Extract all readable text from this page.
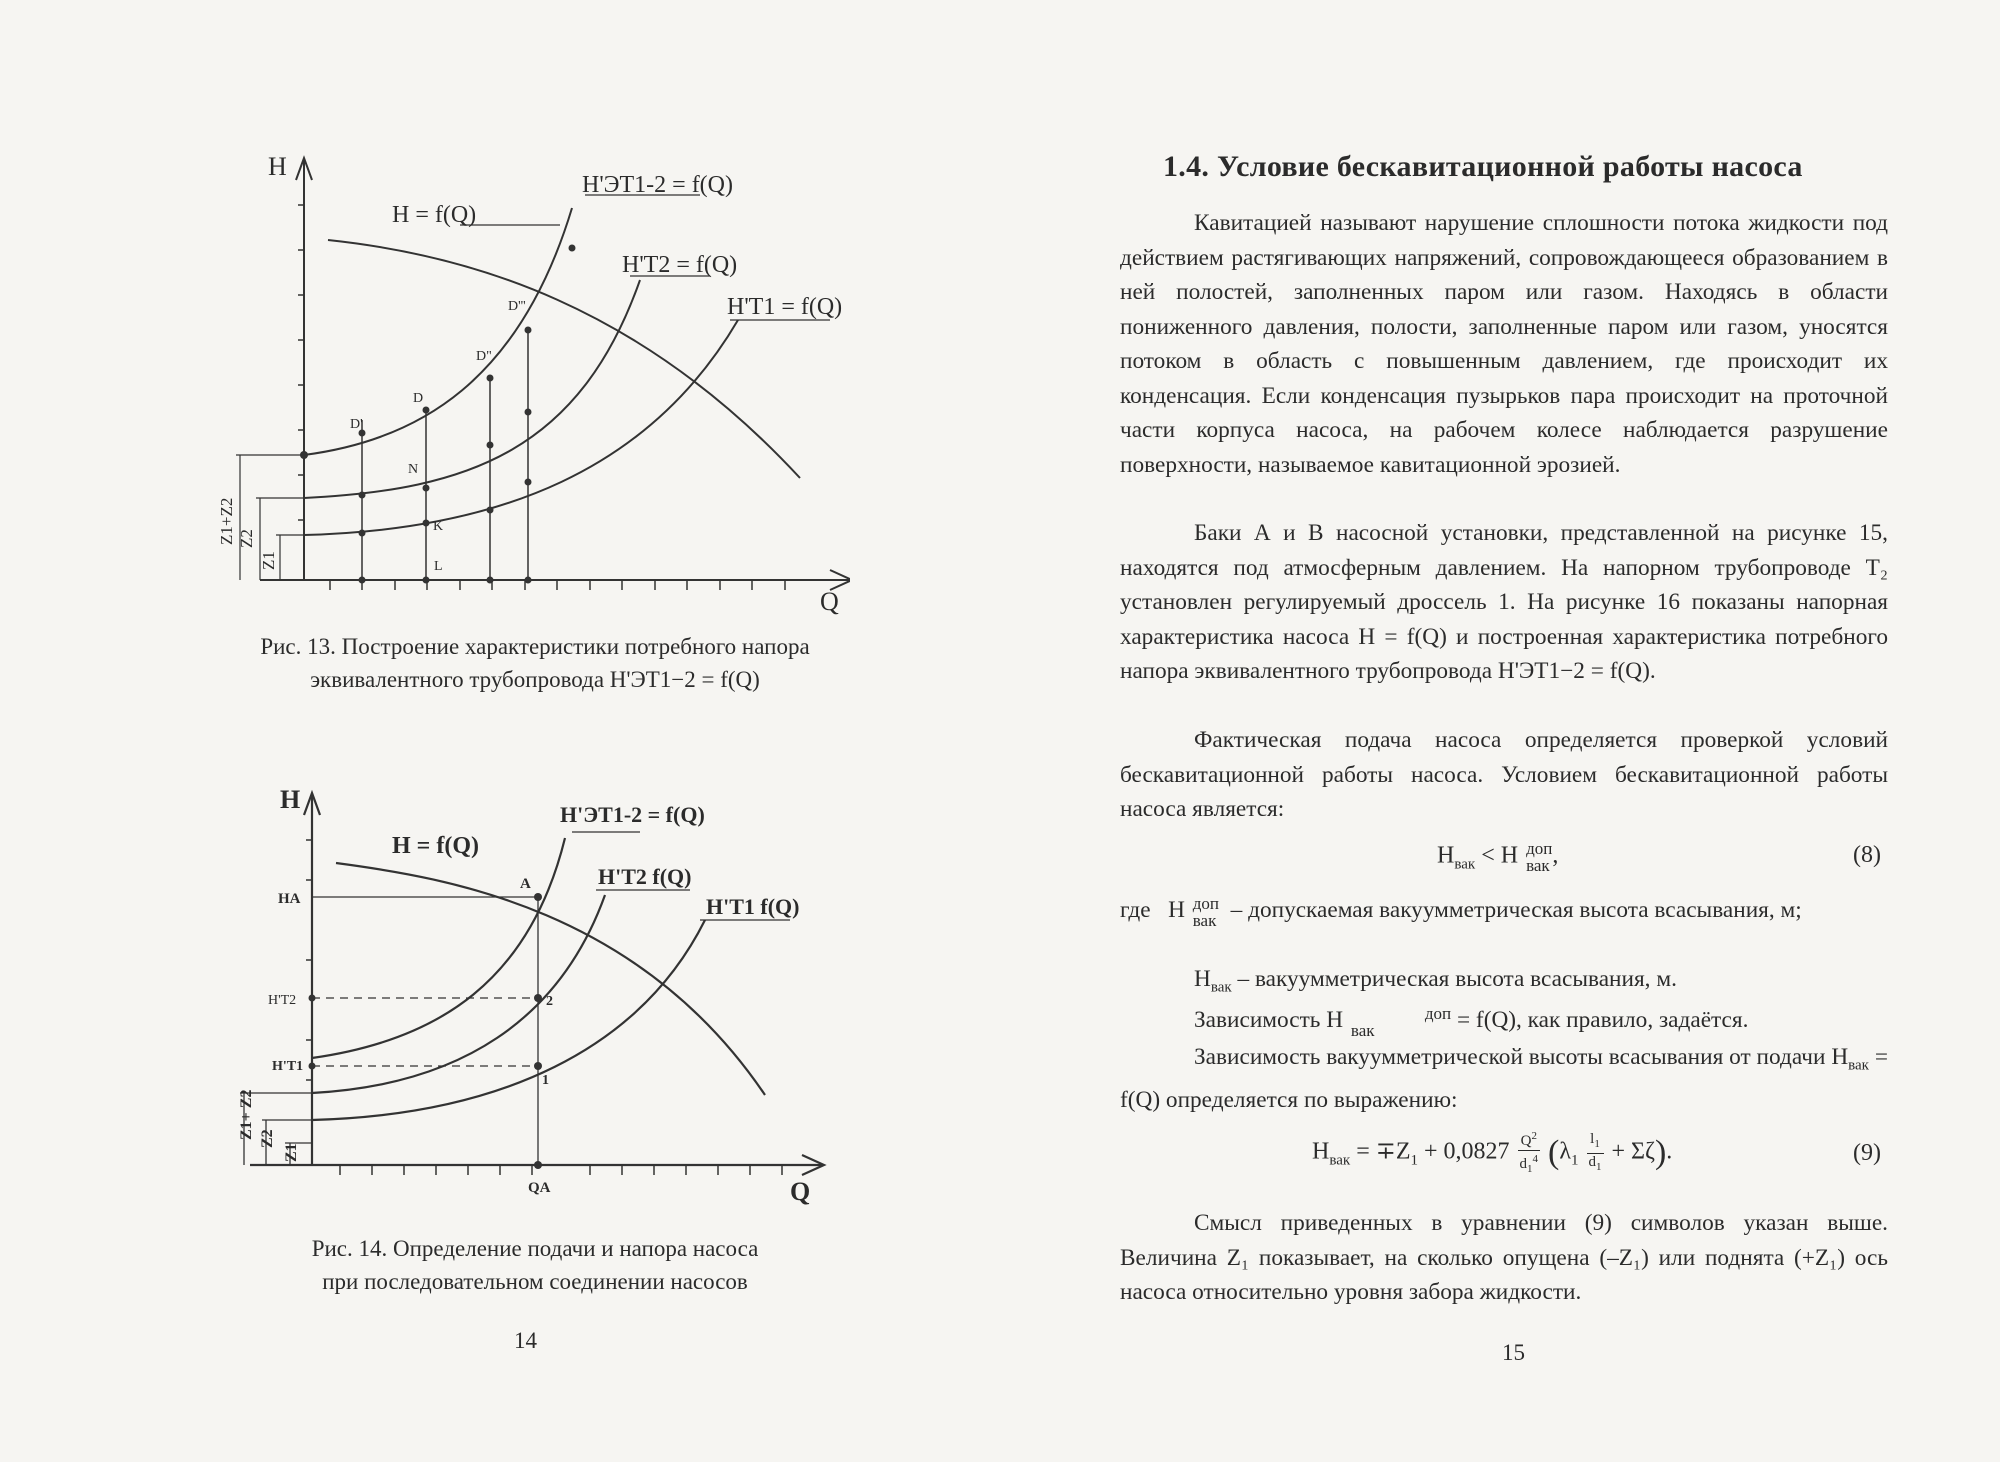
H
Q
H = f(Q)
H'ЭТ1-2 = f(Q)
H'Т2 = f(Q)
H'Т1 = f(Q)
D'
D
D"
D'''
N
K
L
Z1+Z2 Z2
Z1
Рис. 13. Построение характеристики потребного напора
эквивалентного трубопровода H'ЭТ1−2 = f(Q)
H
Q
H = f(Q)
H'ЭТ1-2 = f(Q)
H'Т2 f(Q)
H'Т1 f(Q)
A
2
1
HA
H'T2
H'T1
QA
Z1+ Z2 Z2
Z1
Рис. 14. Определение подачи и напора насоса
при последовательном соединении насосов
14
1.4. Условие бескавитационной работы насоса
Кавитацией называют нарушение сплошности потока жидкости под действием растягивающих напряжений, сопровождающееся образованием в ней полостей, заполненных паром или газом. Находясь в области пониженного давления, полости, заполненные паром или газом, уносятся потоком в область с повышенным давлением, где происходит их конденсация. Если конденсация пузырьков пара происходит на проточной части корпуса насоса, на рабочем колесе наблюдается разрушение поверхности, называемое кавитационной эрозией.
Баки А и В насосной установки, представленной на рисунке 15, находятся под атмосферным давлением. На напорном трубопроводе Т₂ установлен регулируемый дроссель 1. На рисунке 16 показаны напорная характеристика насоса H = f(Q) и построенная характеристика потребного напора эквивалентного трубопровода H'ЭТ1−2 = f(Q).
Фактическая подача насоса определяется проверкой условий бескавитационной работы насоса. Условием бескавитационной работы насоса является:
$H_{вак} < H$ доп
вак ,	(8)
где   H доп
вак – допускаемая вакуумметрическая высота всасывания, м;
$H_{вак}$ – вакуумметрическая высота всасывания, м.
Зависимость H	доп
вак	= f(Q), как правило, задаётся.
Зависимость вакуумметрической высоты всасывания от подачи $H_{вак} = f(Q)$ определяется по выражению:
$H_{вак} = \mp Z_1 + 0,0827 \frac{Q^2}{d_1^4} (\lambda_1 \frac{l_1}{d_1} + \Sigma\zeta)$.	(9)
Смысл приведенных в уравнении (9) символов указан выше. Величина Z₁ показывает, на сколько опущена (–Z₁) или поднята (+Z₁) ось насоса относительно уровня забора жидкости.
15
